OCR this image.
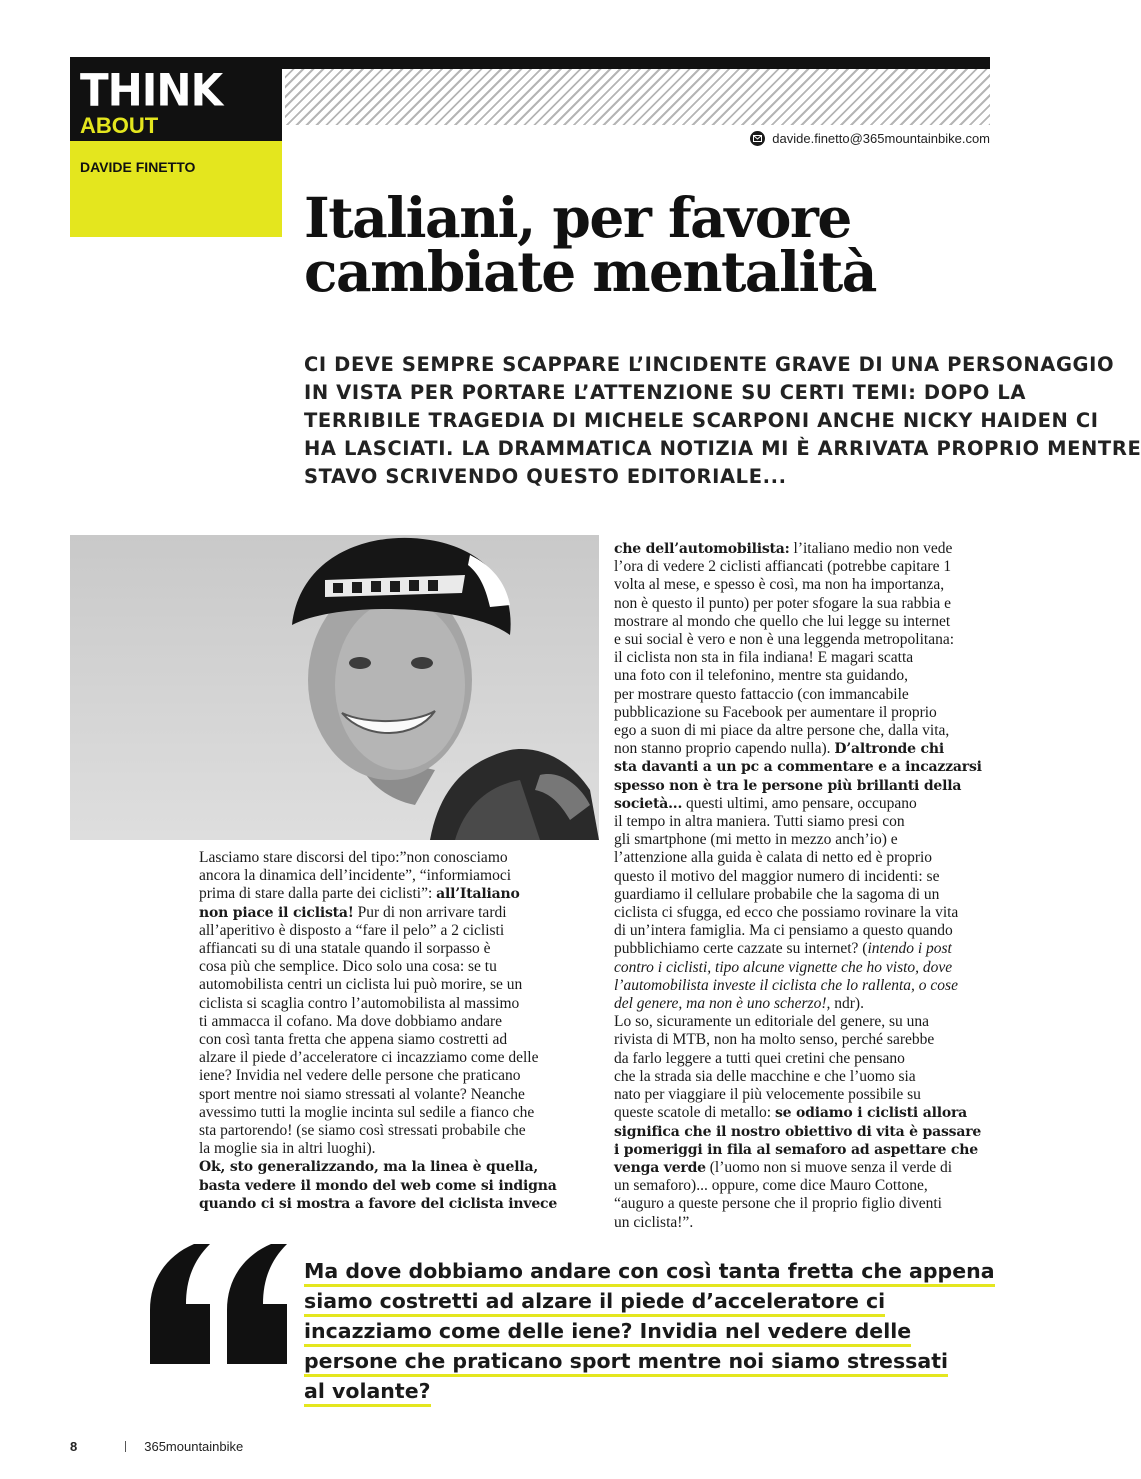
THINK
ABOUT
DAVIDE FINETTO
davide.finetto@365mountainbike.com
Italiani, per favore
cambiate mentalità
CI DEVE SEMPRE SCAPPARE L’INCIDENTE GRAVE DI UNA PERSONAGGIO
IN VISTA PER PORTARE L’ATTENZIONE SU CERTI TEMI: DOPO LA
TERRIBILE TRAGEDIA DI MICHELE SCARPONI ANCHE NICKY HAIDEN CI
HA LASCIATI. LA DRAMMATICA NOTIZIA MI È ARRIVATA PROPRIO MENTRE
STAVO SCRIVENDO QUESTO EDITORIALE...
Lasciamo stare discorsi del tipo:”non conosciamo
ancora la dinamica dell’incidente”, “informiamoci
prima di stare dalla parte dei ciclisti”: all’Italiano
non piace il ciclista! Pur di non arrivare tardi
all’aperitivo è disposto a “fare il pelo” a 2 ciclisti
affiancati su di una statale quando il sorpasso è
cosa più che semplice. Dico solo una cosa: se tu
automobilista centri un ciclista lui può morire, se un
ciclista si scaglia contro l’automobilista al massimo
ti ammacca il cofano. Ma dove dobbiamo andare
con così tanta fretta che appena siamo costretti ad
alzare il piede d’acceleratore ci incazziamo come delle
iene? Invidia nel vedere delle persone che praticano
sport mentre noi siamo stressati al volante? Neanche
avessimo tutti la moglie incinta sul sedile a fianco che
sta partorendo! (se siamo così stressati probabile che
la moglie sia in altri luoghi).
Ok, sto generalizzando, ma la linea è quella,
basta vedere il mondo del web come si indigna
quando ci si mostra a favore del ciclista invece
che dell’automobilista: l’italiano medio non vede
l’ora di vedere 2 ciclisti affiancati (potrebbe capitare 1
volta al mese, e spesso è così, ma non ha importanza,
non è questo il punto) per poter sfogare la sua rabbia e
mostrare al mondo che quello che lui legge su internet
e sui social è vero e non è una leggenda metropolitana:
il ciclista non sta in fila indiana! E magari scatta
una foto con il telefonino, mentre sta guidando,
per mostrare questo fattaccio (con immancabile
pubblicazione su Facebook per aumentare il proprio
ego a suon di mi piace da altre persone che, dalla vita,
non stanno proprio capendo nulla). D’altronde chi
sta davanti a un pc a commentare e a incazzarsi
spesso non è tra le persone più brillanti della
società... questi ultimi, amo pensare, occupano
il tempo in altra maniera. Tutti siamo presi con
gli smartphone (mi metto in mezzo anch’io) e
l’attenzione alla guida è calata di netto ed è proprio
questo il motivo del maggior numero di incidenti: se
guardiamo il cellulare probabile che la sagoma di un
ciclista ci sfugga, ed ecco che possiamo rovinare la vita
di un’intera famiglia. Ma ci pensiamo a questo quando
pubblichiamo certe cazzate su internet? (intendo i post
contro i ciclisti, tipo alcune vignette che ho visto, dove
l’automobilista investe il ciclista che lo rallenta, o cose
del genere, ma non è uno scherzo!, ndr).
Lo so, sicuramente un editoriale del genere, su una
rivista di MTB, non ha molto senso, perché sarebbe
da farlo leggere a tutti quei cretini che pensano
che la strada sia delle macchine e che l’uomo sia
nato per viaggiare il più velocemente possibile su
queste scatole di metallo: se odiamo i ciclisti allora
significa che il nostro obiettivo di vita è passare
i pomeriggi in fila al semaforo ad aspettare che
venga verde (l’uomo non si muove senza il verde di
un semaforo)... oppure, come dice Mauro Cottone,
“auguro a queste persone che il proprio figlio diventi
un ciclista!”.
Ma dove dobbiamo andare con così tanta fretta che appena
siamo costretti ad alzare il piede d’acceleratore ci
incazziamo come delle iene? Invidia nel vedere delle
persone che praticano sport mentre noi siamo stressati
al volante?
8	365mountainbike
